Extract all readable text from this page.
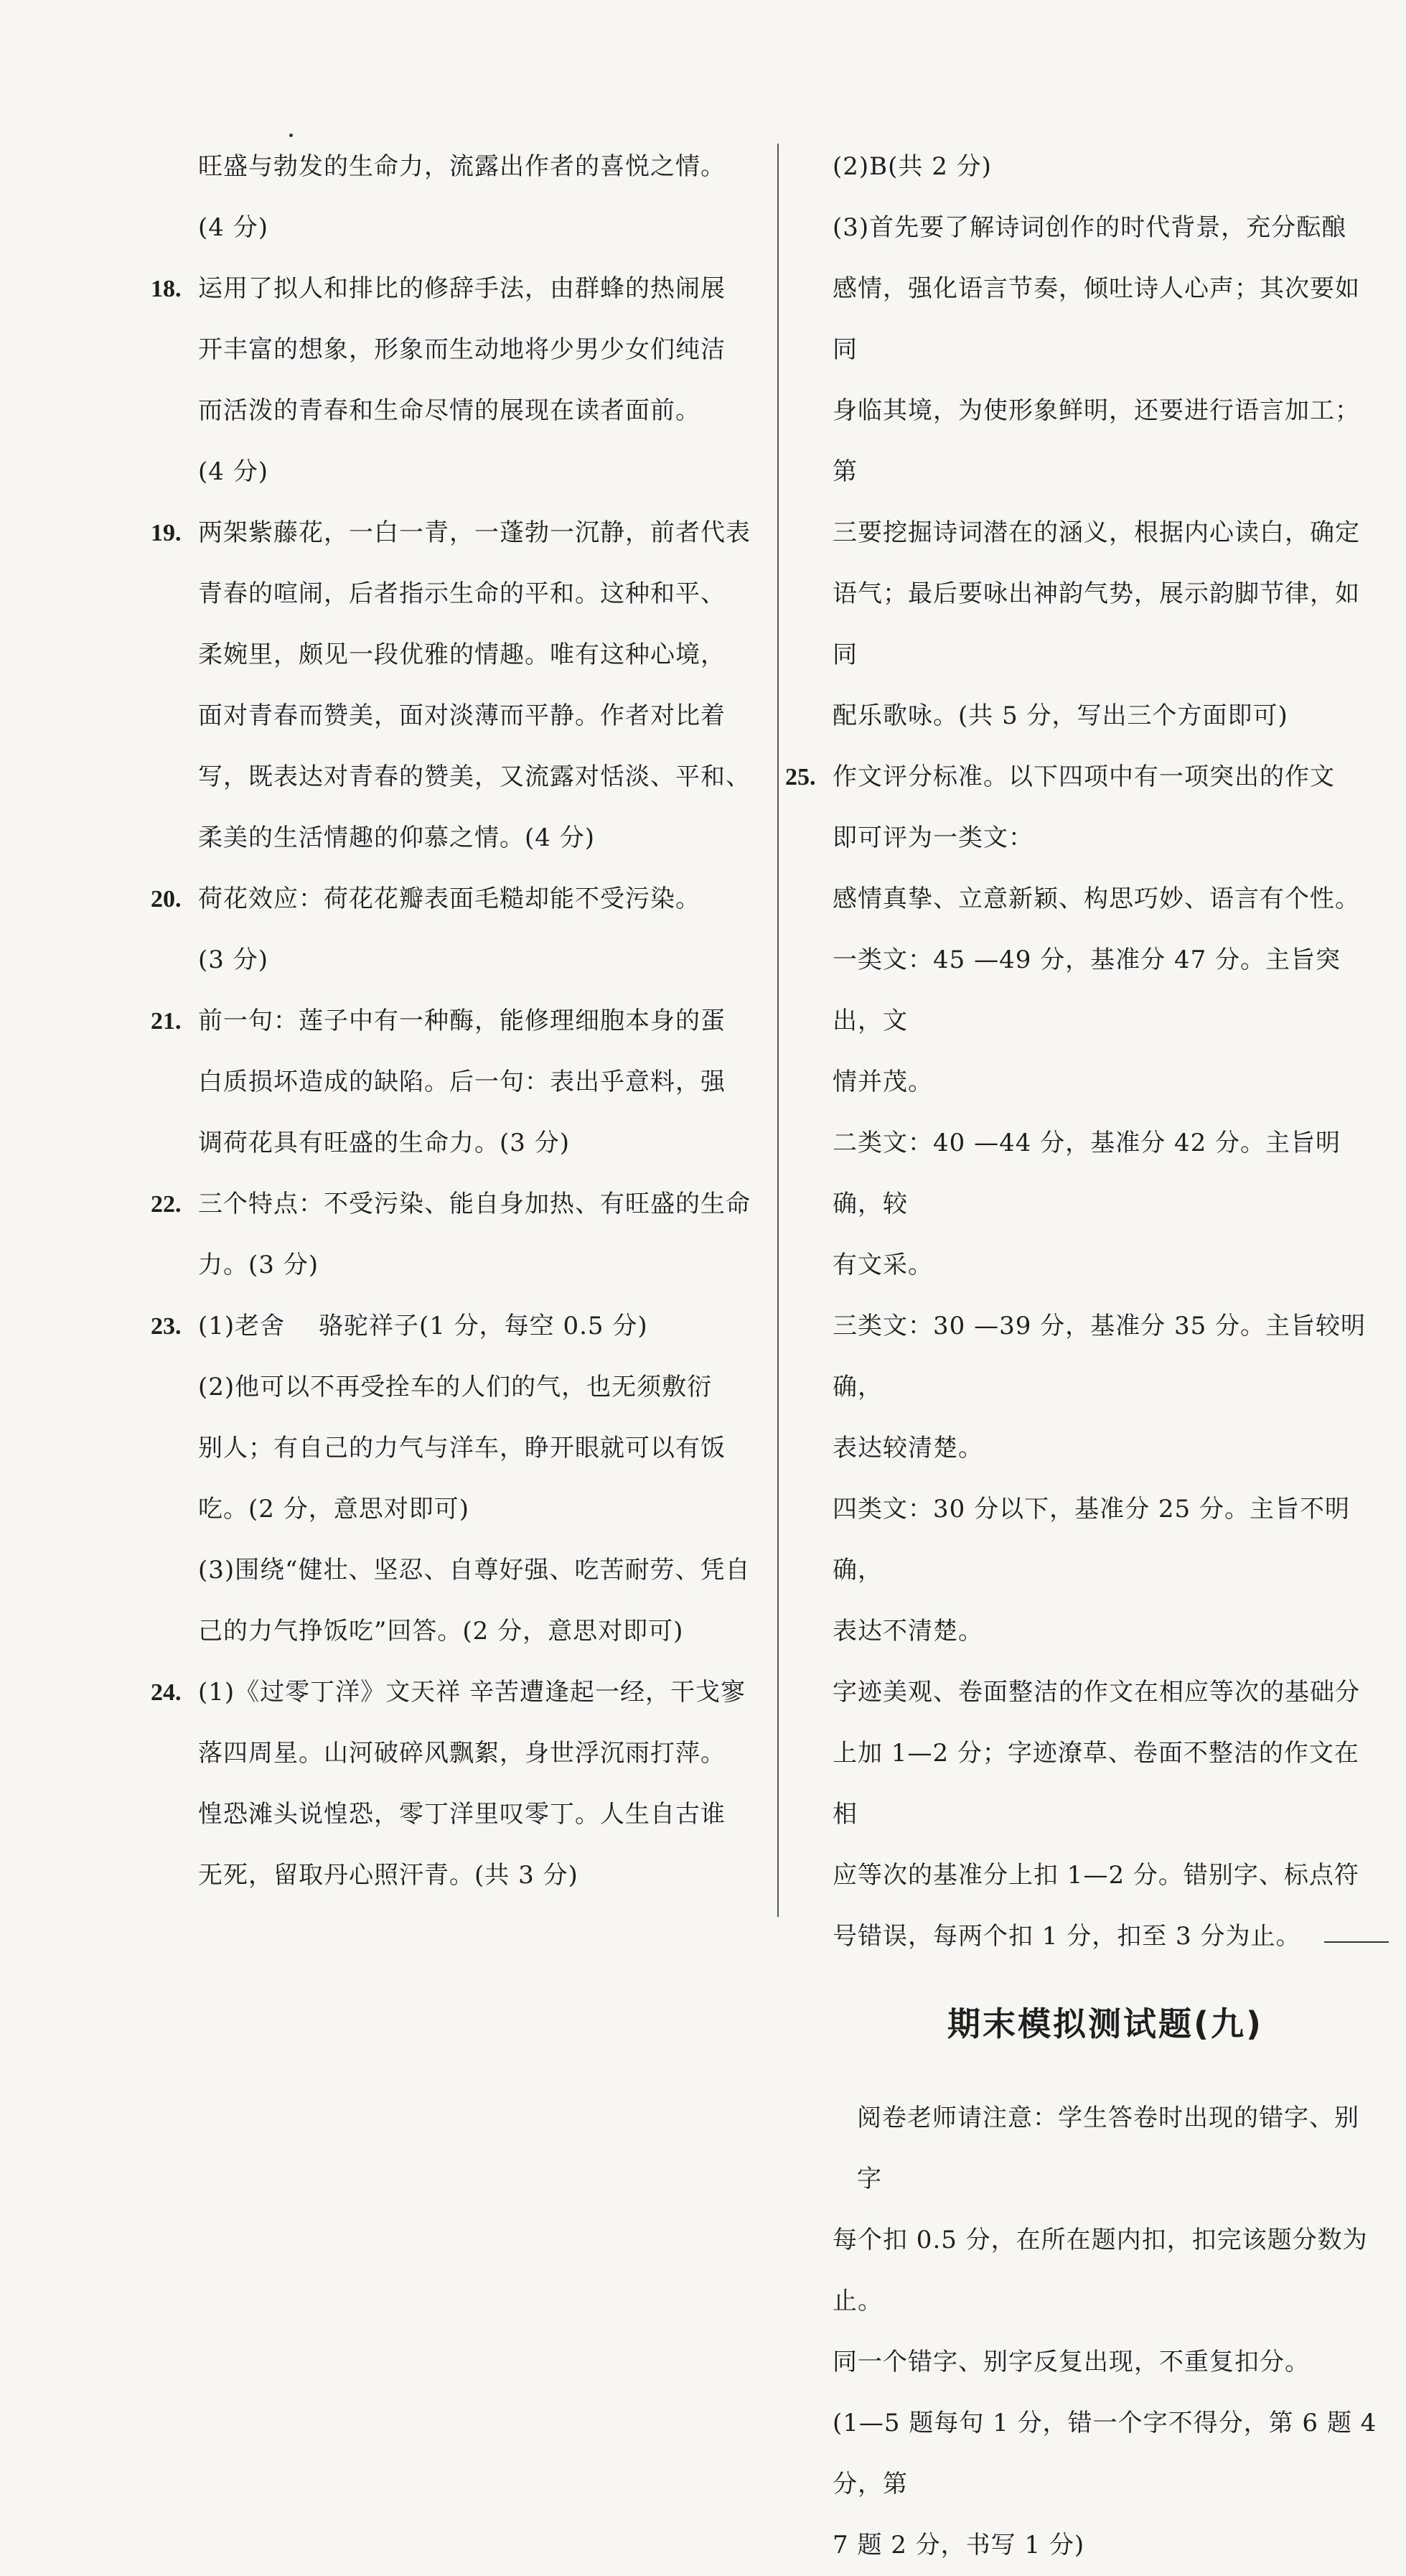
旺盛与勃发的生命力，流露出作者的喜悦之情。

(4 分)

18. 运用了拟人和排比的修辞手法，由群蜂的热闹展

开丰富的想象，形象而生动地将少男少女们纯洁

而活泼的青春和生命尽情的展现在读者面前。

(4 分)

19. 两架紫藤花，一白一青，一蓬勃一沉静，前者代表

青春的喧闹，后者指示生命的平和。这种和平、

柔婉里，颇见一段优雅的情趣。唯有这种心境，

面对青春而赞美，面对淡薄而平静。作者对比着

写，既表达对青春的赞美，又流露对恬淡、平和、

柔美的生活情趣的仰慕之情。(4 分)

20. 荷花效应：荷花花瓣表面毛糙却能不受污染。

(3 分)

21. 前一句：莲子中有一种酶，能修理细胞本身的蛋

白质损坏造成的缺陷。后一句：表出乎意料，强

调荷花具有旺盛的生命力。(3 分)

22. 三个特点：不受污染、能自身加热、有旺盛的生命

力。(3 分)

23. (1)老舍　 骆驼祥子(1 分，每空 0.5 分)

(2)他可以不再受拴车的人们的气，也无须敷衍

别人；有自己的力气与洋车，睁开眼就可以有饭

吃。(2 分，意思对即可)

(3)围绕“健壮、坚忍、自尊好强、吃苦耐劳、凭自

己的力气挣饭吃”回答。(2 分，意思对即可)

24. (1)《过零丁洋》文天祥 辛苦遭逢起一经，干戈寥

落四周星。山河破碎风飘絮，身世浮沉雨打萍。

惶恐滩头说惶恐，零丁洋里叹零丁。人生自古谁

无死，留取丹心照汗青。(共 3 分)

(2)B(共 2 分)

(3)首先要了解诗词创作的时代背景，充分酝酿

感情，强化语言节奏，倾吐诗人心声；其次要如同

身临其境，为使形象鲜明，还要进行语言加工；第

三要挖掘诗词潜在的涵义，根据内心读白，确定

语气；最后要咏出神韵气势，展示韵脚节律，如同

配乐歌咏。(共 5 分，写出三个方面即可)

25. 作文评分标准。以下四项中有一项突出的作文

即可评为一类文：

感情真挚、立意新颖、构思巧妙、语言有个性。

一类文：45 —49 分，基准分 47 分。主旨突出，文

情并茂。

二类文：40 —44 分，基准分 42 分。主旨明确，较

有文采。

三类文：30 —39 分，基准分 35 分。主旨较明确，

表达较清楚。

四类文：30 分以下，基准分 25 分。主旨不明确，

表达不清楚。

字迹美观、卷面整洁的作文在相应等次的基础分

上加 1—2 分；字迹潦草、卷面不整洁的作文在相

应等次的基准分上扣 1—2 分。错别字、标点符

号错误，每两个扣 1 分，扣至 3 分为止。

期末模拟测试题(九)

阅卷老师请注意：学生答卷时出现的错字、别字

每个扣 0.5 分，在所在题内扣，扣完该题分数为止。

同一个错字、别字反复出现，不重复扣分。

(1—5 题每句 1 分，错一个字不得分，第 6 题 4 分，第

7 题 2 分，书写 1 分)
